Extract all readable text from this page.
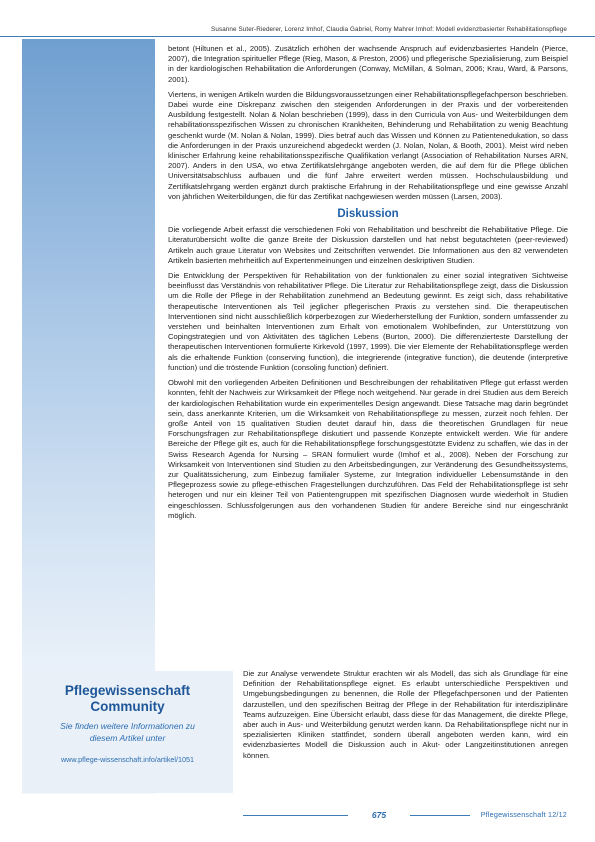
Susanne Suter-Riederer, Lorenz Imhof, Claudia Gabriel, Romy Mahrer Imhof: Modell evidenzbasierter Rehabilitationspflege

betont (Hiltunen et al., 2005). Zusätzlich erhöhen der wachsende Anspruch auf evidenzbasiertes Handeln (Pierce, 2007), die Integration spiritueller Pflege (Rieg, Mason, & Preston, 2006) und pflegerische Spezialisierung, zum Beispiel in der kardiologischen Rehabilitation die Anforderungen (Conway, McMillan, & Solman, 2006; Krau, Ward, & Parsons, 2001).

Viertens, in wenigen Artikeln wurden die Bildungsvoraussetzungen einer Rehabilitationspflegefachperson beschrieben. Dabei wurde eine Diskrepanz zwischen den steigenden Anforderungen in der Praxis und der vorbereitenden Ausbildung festgestellt. Nolan & Nolan beschrieben (1999), dass in den Curricula von Aus- und Weiterbildungen dem rehabilitationsspezifischen Wissen zu chronischen Krankheiten, Behinderung und Rehabilitation zu wenig Beachtung geschenkt wurde (M. Nolan & Nolan, 1999). Dies betraf auch das Wissen und Können zu Patientenedukation, so dass die Anforderungen in der Praxis unzureichend abgedeckt werden (J. Nolan, Nolan, & Booth, 2001). Meist wird neben klinischer Erfahrung keine rehabilitationsspezifische Qualifikation verlangt (Association of Rehabilitation Nurses ARN, 2007). Anders in den USA, wo etwa Zertifikatslehrgänge angeboten werden, die auf dem für die Pflege üblichen Universitätsabschluss aufbauen und die fünf Jahre erweitert werden müssen. Hochschulausbildung und Zertifikatslehrgang werden ergänzt durch praktische Erfahrung in der Rehabilitationspflege und eine gewisse Anzahl von jährlichen Weiterbildungen, die für das Zertifikat nachgewiesen werden müssen (Larsen, 2003).

Diskussion

Die vorliegende Arbeit erfasst die verschiedenen Foki von Rehabilitation und beschreibt die Rehabilitative Pflege. Die Literaturübersicht wollte die ganze Breite der Diskussion darstellen und hat nebst begutachteten (peer-reviewed) Artikeln auch graue Literatur von Websites und Zeitschriften verwendet. Die Informationen aus den 82 verwendeten Artikeln basierten mehrheitlich auf Expertenmeinungen und einzelnen deskriptiven Studien.

Die Entwicklung der Perspektiven für Rehabilitation von der funktionalen zu einer sozial integrativen Sichtweise beeinflusst das Verständnis von rehabilitativer Pflege. Die Literatur zur Rehabilitationspflege zeigt, dass die Diskussion um die Rolle der Pflege in der Rehabilitation zunehmend an Bedeutung gewinnt. Es zeigt sich, dass rehabilitative therapeutische Interventionen als Teil jeglicher pflegerischen Praxis zu verstehen sind. Die therapeutischen Interventionen sind nicht ausschließlich körperbezogen zur Wiederherstellung der Funktion, sondern umfassender zu verstehen und beinhalten Interventionen zum Erhalt von emotionalem Wohlbefinden, zur Unterstützung von Copingstrategien und von Aktivitäten des täglichen Lebens (Burton, 2000). Die differenzierteste Darstellung der therapeutischen Interventionen formulierte Kirkevold (1997, 1999). Die vier Elemente der Rehabilitationspflege werden als die erhaltende Funktion (conserving function), die integrierende (integrative function), die deutende (interpretive function) und die tröstende Funktion (consoling function) definiert.

Obwohl mit den vorliegenden Arbeiten Definitionen und Beschreibungen der rehabilitativen Pflege gut erfasst werden konnten, fehlt der Nachweis zur Wirksamkeit der Pflege noch weitgehend. Nur gerade in drei Studien aus dem Bereich der kardiologischen Rehabilitation wurde ein experimentelles Design angewandt. Diese Tatsache mag darin begründet sein, dass anerkannte Kriterien, um die Wirksamkeit von Rehabilitationspflege zu messen, zurzeit noch fehlen. Der große Anteil von 15 qualitativen Studien deutet darauf hin, dass die theoretischen Grundlagen für neue Forschungsfragen zur Rehabilitationspflege diskutiert und passende Konzepte entwickelt werden. Wie für andere Bereiche der Pflege gilt es, auch für die Rehabilitationspflege forschungsgestützte Evidenz zu schaffen, wie das in der Swiss Research Agenda for Nursing – SRAN formuliert wurde (Imhof et al., 2008). Neben der Forschung zur Wirksamkeit von Interventionen sind Studien zu den Arbeitsbedingungen, zur Veränderung des Gesundheitssystems, zur Qualitätssicherung, zum Einbezug familialer Systeme, zur Integration individueller Lebensumstände in den Pflegeprozess sowie zu pflege-ethischen Fragestellungen durchzuführen. Das Feld der Rehabilitationspflege ist sehr heterogen und nur ein kleiner Teil von Patientengruppen mit spezifischen Diagnosen wurde wiederholt in Studien eingeschlossen. Schlussfolgerungen aus den vorhandenen Studien für andere Bereiche sind nur eingeschränkt möglich.

Pflegewissenschaft
Community
Sie finden weitere Informationen zu
diesem Artikel unter
www.pflege-wissenschaft.info/artikel/1051

Die zur Analyse verwendete Struktur erachten wir als Modell, das sich als Grundlage für eine Definition der Rehabilitationspflege eignet. Es erlaubt unterschiedliche Perspektiven und Umgebungsbedingungen zu benennen, die Rolle der Pflegefachpersonen und der Patienten darzustellen, und den spezifischen Beitrag der Pflege in der Rehabilitation für interdisziplinäre Teams aufzuzeigen. Eine Übersicht erlaubt, dass diese für das Management, die direkte Pflege, aber auch in Aus- und Weiterbildung genutzt werden kann. Da Rehabilitationspflege nicht nur in spezialisierten Kliniken stattfindet, sondern überall angeboten werden kann, wird ein evidenzbasiertes Modell die Diskussion auch in Akut- oder Langzeitinstitutionen anregen können.

675	Pflegewissenschaft 12/12
